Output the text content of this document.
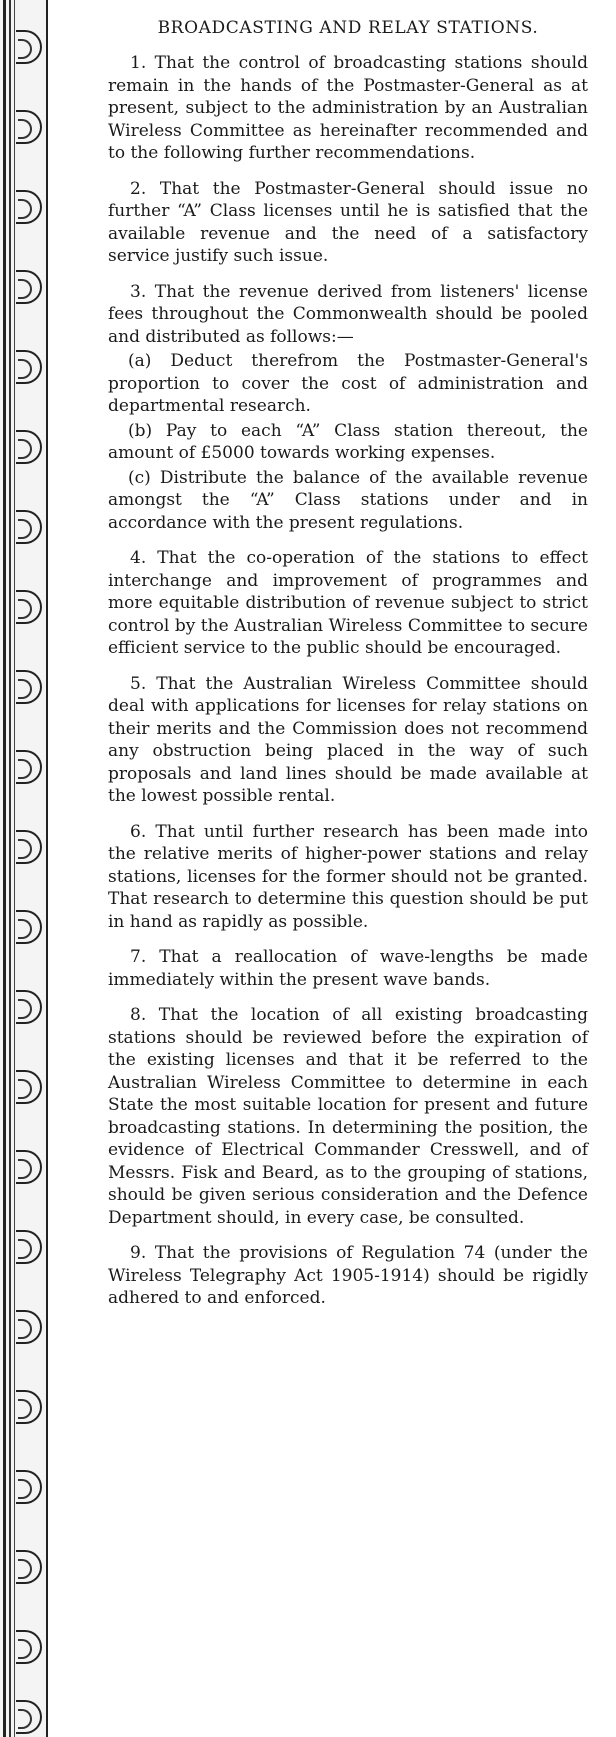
BROADCASTING AND RELAY STATIONS.

1. That the control of broadcasting stations should remain in the hands of the Postmaster-General as at present, subject to the administration by an Australian Wireless Committee as hereinafter recommended and to the following further recommendations.

2. That the Postmaster-General should issue no further “A” Class licenses until he is satisfied that the available revenue and the need of a satisfactory service justify such issue.

3. That the revenue derived from listeners' license fees throughout the Commonwealth should be pooled and distributed as follows:—

(a) Deduct therefrom the Postmaster-General's proportion to cover the cost of administration and departmental research.

(b) Pay to each “A” Class station thereout, the amount of £5000 towards working expenses.

(c) Distribute the balance of the available revenue amongst the “A” Class stations under and in accordance with the present regulations.

4. That the co-operation of the stations to effect interchange and improvement of programmes and more equitable distribution of revenue subject to strict control by the Australian Wireless Committee to secure efficient service to the public should be encouraged.

5. That the Australian Wireless Committee should deal with applications for licenses for relay stations on their merits and the Commission does not recommend any obstruction being placed in the way of such proposals and land lines should be made available at the lowest possible rental.

6. That until further research has been made into the relative merits of higher-power stations and relay stations, licenses for the former should not be granted. That research to determine this question should be put in hand as rapidly as possible.

7. That a reallocation of wave-lengths be made immediately within the present wave bands.

8. That the location of all existing broadcasting stations should be reviewed before the expiration of the existing licenses and that it be referred to the Australian Wireless Committee to determine in each State the most suitable location for present and future broadcasting stations. In determining the position, the evidence of Electrical Commander Cresswell, and of Messrs. Fisk and Beard, as to the grouping of stations, should be given serious consideration and the Defence Department should, in every case, be consulted.

9. That the provisions of Regulation 74 (under the Wireless Telegraphy Act 1905-1914) should be rigidly adhered to and enforced.
